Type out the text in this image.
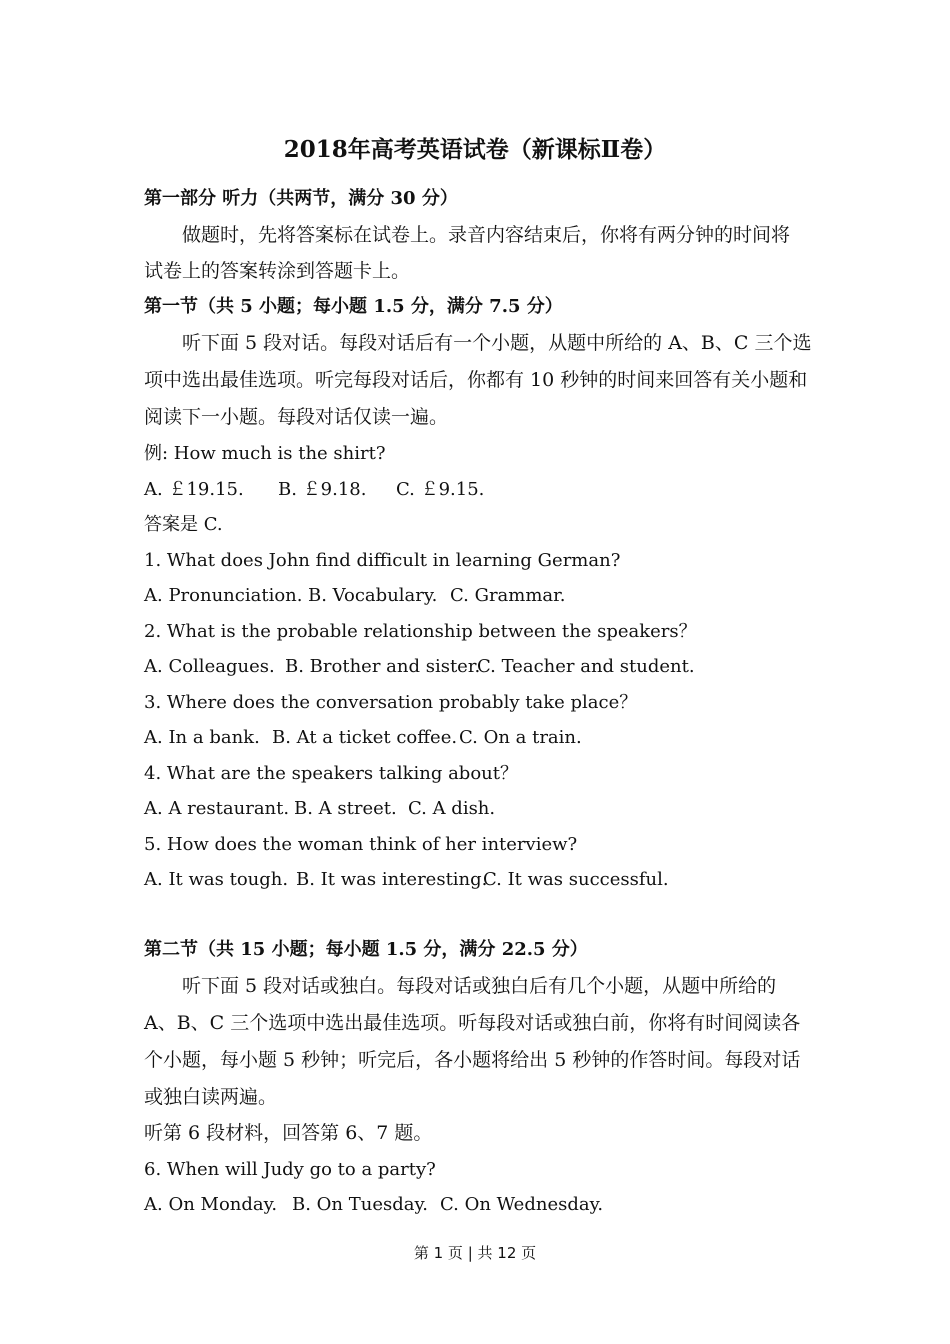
2018年高考英语试卷（新课标Ⅱ卷）
第一部分 听力（共两节，满分 30 分）
做题时，先将答案标在试卷上。录音内容结束后，你将有两分钟的时间将
试卷上的答案转涂到答题卡上。
第一节（共 5 小题；每小题 1.5 分，满分 7.5 分）
听下面 5 段对话。每段对话后有一个小题，从题中所给的 A、B、C 三个选
项中选出最佳选项。听完每段对话后，你都有 10 秒钟的时间来回答有关小题和
阅读下一小题。每段对话仅读一遍。
例: How much is the shirt?
A. ￡19.15. B. ￡9.18. C. ￡9.15.
答案是 C.
1. What does John find difficult in learning German?
A. Pronunciation. B. Vocabulary. C. Grammar.
2. What is the probable relationship between the speakers？
A. Colleagues. B. Brother and sister.C. Teacher and student.
3. Where does the conversation probably take place？
A. In a bank. B. At a ticket coffee. C. On a train.
4. What are the speakers talking about？
A. A restaurant. B. A street. C. A dish.
5. How does the woman think of her interview?
A. It was tough. B. It was interesting.C. It was successful.
第二节（共 15 小题；每小题 1.5 分，满分 22.5 分）
听下面 5 段对话或独白。每段对话或独白后有几个小题，从题中所给的
A、B、C 三个选项中选出最佳选项。听每段对话或独白前，你将有时间阅读各
个小题，每小题 5 秒钟；听完后，各小题将给出 5 秒钟的作答时间。每段对话
或独白读两遍。
听第 6 段材料，回答第 6、7 题。
6. When will Judy go to a party?
A. On Monday. B. On Tuesday. C. On Wednesday.
第 1 页 | 共 12 页
